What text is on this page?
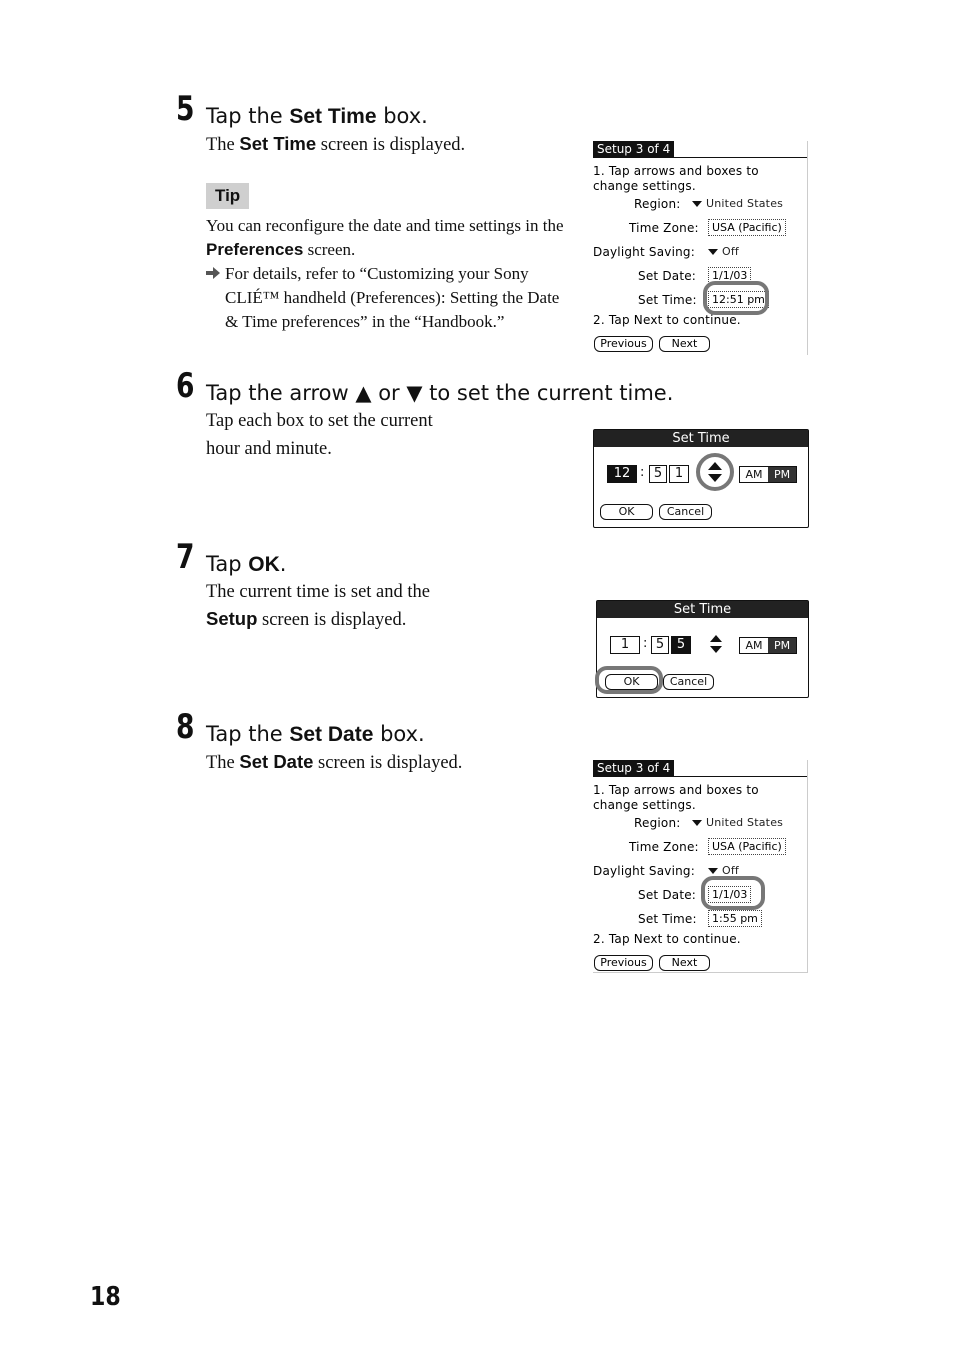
5 Tap the Set Time box.
The Set Time screen is displayed.
Tip
You can reconfigure the date and time settings in the
Preferences screen.
For details, refer to “Customizing your Sony
CLIÉ™ handheld (Preferences): Setting the Date
& Time preferences” in the “Handbook.”
Setup 3 of 4
1. Tap arrows and boxes to
change settings.
Region:	United States
Time Zone:	USA (Pacific)
Daylight Saving:	Off
Set Date:	1/1/03
Set Time:	12:51 pm
2. Tap Next to continue.
Previous	Next
6 Tap the arrow ▲ or ▼ to set the current time.
Tap each box to set the current
hour and minute.
Set Time
12 : 5 1	AM	PM
OK	Cancel
7 Tap OK.
The current time is set and the
Setup screen is displayed.
Set Time
1	: 5 5	AM	PM
OK	Cancel
8 Tap the Set Date box.
The Set Date screen is displayed.	Setup 3 of 4
1. Tap arrows and boxes to
change settings.
Region:	United States
Time Zone:	USA (Pacific)
Daylight Saving:	Off
Set Date:	1/1/03
Set Time:	1:55 pm
2. Tap Next to continue.
Previous	Next
18
